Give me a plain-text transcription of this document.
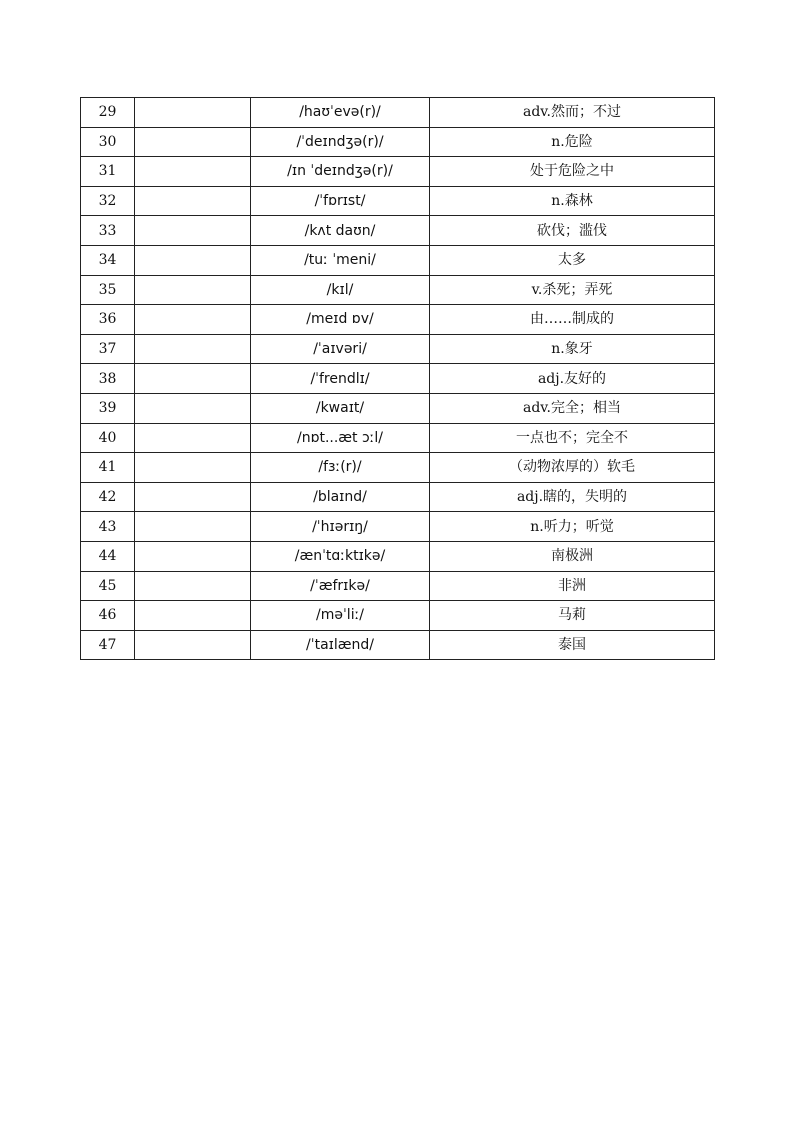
29		/haʊˈevə(r)/	adv.然而；不过
30		/ˈdeɪndʒə(r)/	n.危险
31		/ɪn ˈdeɪndʒə(r)/	处于危险之中
32		/ˈfɒrɪst/	n.森林
33		/kʌt daʊn/	砍伐；滥伐
34		/tuː ˈmeni/	太多
35		/kɪl/	v.杀死；弄死
36		/meɪd ɒv/	由……制成的
37		/ˈaɪvəri/	n.象牙
38		/ˈfrendlɪ/	adj.友好的
39		/kwaɪt/	adv.完全；相当
40		/nɒt...æt ɔːl/	一点也不；完全不
41		/fɜː(r)/	（动物浓厚的）软毛
42		/blaɪnd/	adj.瞎的，失明的
43		/ˈhɪərɪŋ/	n.听力；听觉
44		/ænˈtɑːktɪkə/	南极洲
45		/ˈæfrɪkə/	非洲
46		/məˈliː/	马莉
47		/ˈtaɪlænd/	泰国
